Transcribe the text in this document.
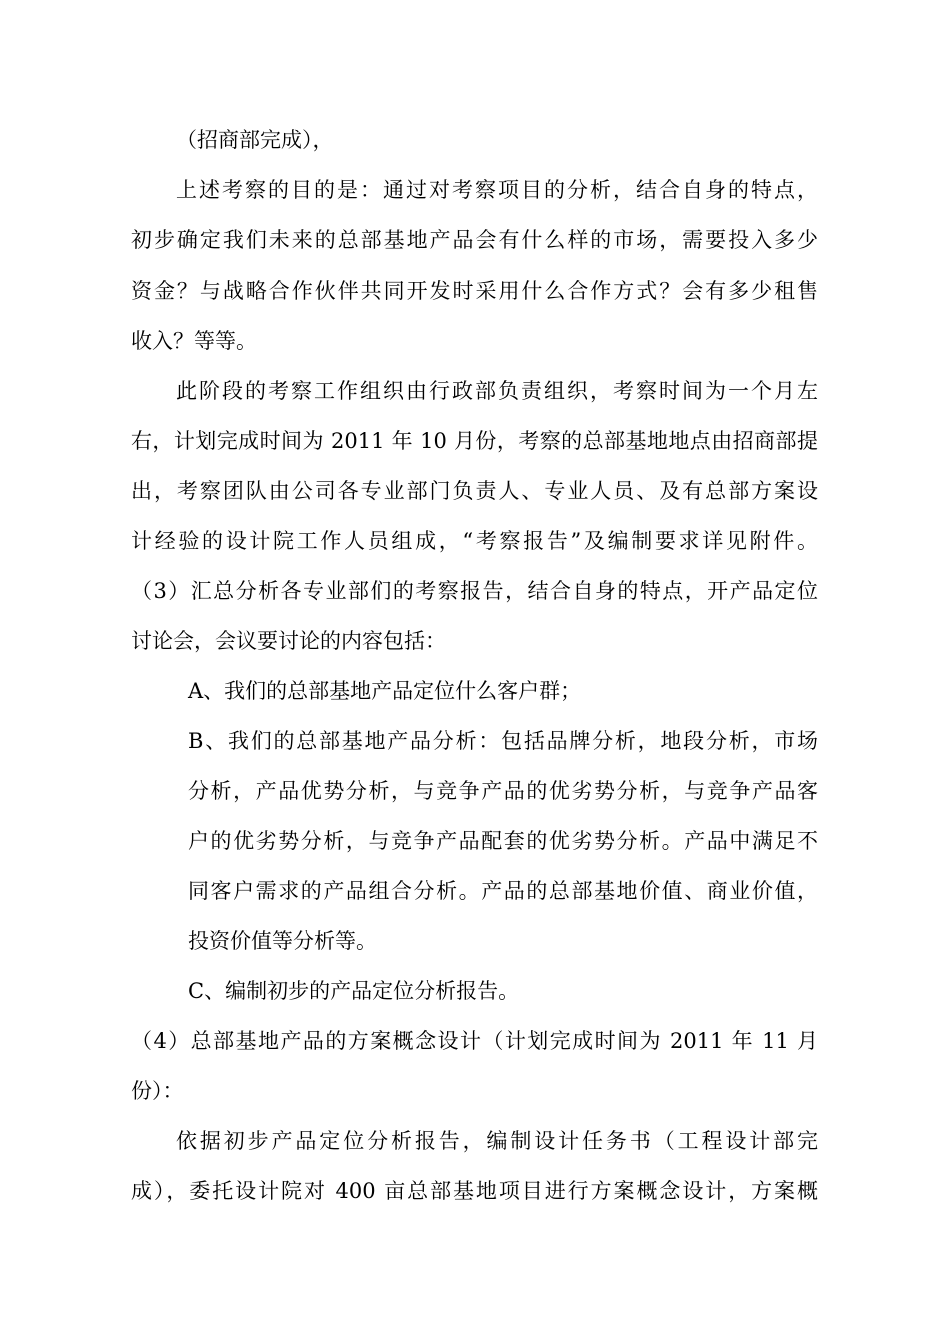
（招商部完成），
上述考察的目的是：通过对考察项目的分析，结合自身的特点，
初步确定我们未来的总部基地产品会有什么样的市场，需要投入多少
资金？与战略合作伙伴共同开发时采用什么合作方式？会有多少租售
收入？等等。
此阶段的考察工作组织由行政部负责组织，考察时间为一个月左
右，计划完成时间为 2011 年 10 月份，考察的总部基地地点由招商部提
出，考察团队由公司各专业部门负责人、专业人员、及有总部方案设
计经验的设计院工作人员组成，“考察报告”及编制要求详见附件。
（3）汇总分析各专业部们的考察报告，结合自身的特点，开产品定位
讨论会，会议要讨论的内容包括：
A、我们的总部基地产品定位什么客户群；
B、我们的总部基地产品分析：包括品牌分析，地段分析，市场
分析，产品优势分析，与竞争产品的优劣势分析，与竞争产品客
户的优劣势分析，与竞争产品配套的优劣势分析。产品中满足不
同客户需求的产品组合分析。产品的总部基地价值、商业价值，
投资价值等分析等。
C、编制初步的产品定位分析报告。
（4）总部基地产品的方案概念设计（计划完成时间为 2011 年 11 月
份）：
依据初步产品定位分析报告，编制设计任务书（工程设计部完
成），委托设计院对 400 亩总部基地项目进行方案概念设计，方案概
